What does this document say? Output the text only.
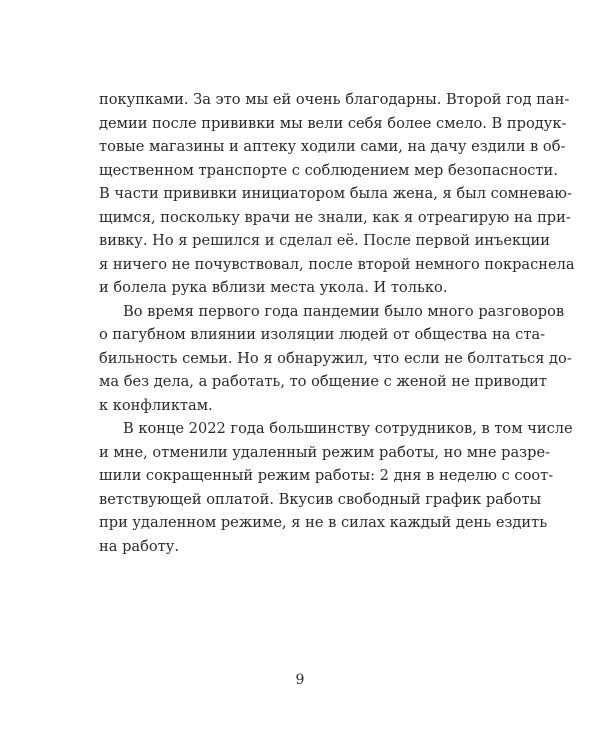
покупками. За это мы ей очень благодарны. Второй год пан-
демии после прививки мы вели себя более смело. В продук-
товые магазины и аптеку ходили сами, на дачу ездили в об-
щественном транспорте с соблюдением мер безопасности.
В части прививки инициатором была жена, я был сомневаю-
щимся, поскольку врачи не знали, как я отреагирую на при-
вивку. Но я решился и сделал её. После первой инъекции
я ничего не почувствовал, после второй немного покраснела
и болела рука вблизи места укола. И только.
Во время первого года пандемии было много разговоров
о пагубном влиянии изоляции людей от общества на ста-
бильность семьи. Но я обнаружил, что если не болтаться до-
ма без дела, а работать, то общение с женой не приводит
к конфликтам.
В конце 2022 года большинству сотрудников, в том числе
и мне, отменили удаленный режим работы, но мне разре-
шили сокращенный режим работы: 2 дня в неделю с соот-
ветствующей оплатой. Вкусив свободный график работы
при удаленном режиме, я не в силах каждый день ездить
на работу.
9
